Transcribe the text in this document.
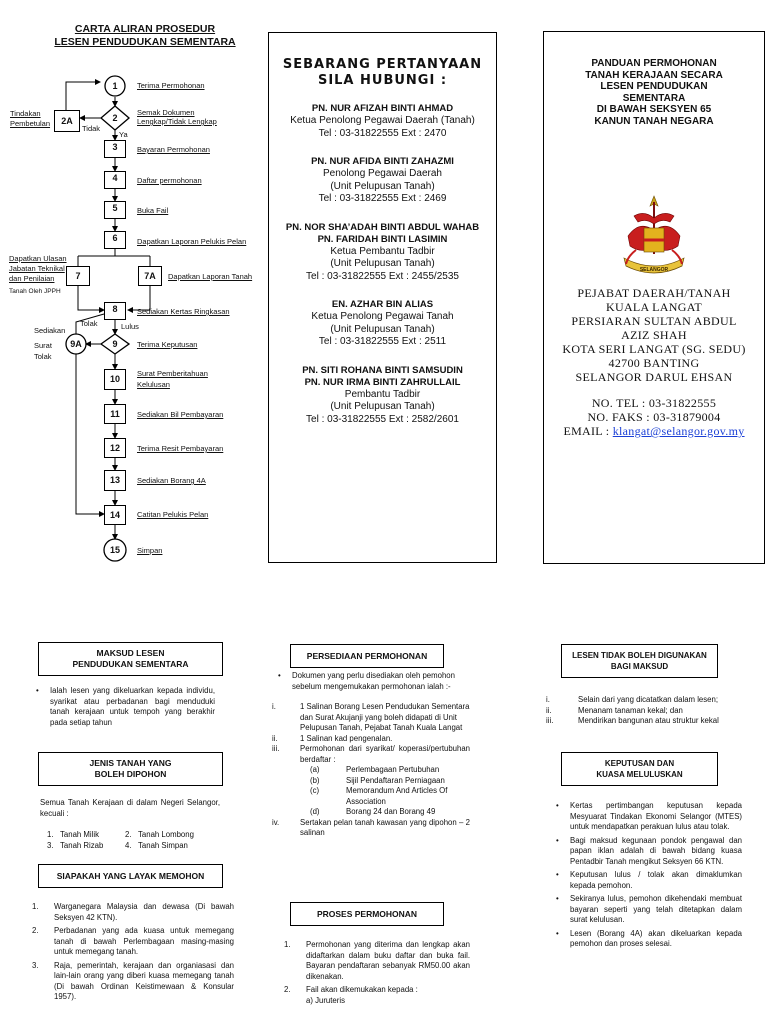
CARTA ALIRAN PROSEDUR
LESEN PENDUDUKAN SEMENTARA
1
2
2A
3
4
5
6
7	7A
8
9
9A
10
11
12
13
14
15
Terima Permohonan
Semak Dokumen Lengkap/Tidak Lengkap
Tindakan
Pembetulan
Tidak
Ya
Bayaran Permohonan
Daftar permohonan
Buka Fail
Dapatkan Laporan Pelukis Pelan
Dapatkan Ulasan
Jabatan Teknikal
dan Penilaian
Tanah Oleh JPPH
Dapatkan Laporan Tanah
Sediakan Kertas Ringkasan
Tolak	Lulus
Terima Keputusan
Sediakan
Surat
Tolak
Surat Pemberitahuan
Kelulusan
Sediakan Bil Pembayaran
Terima Resit Pembayaran
Sediakan Borang 4A
Catitan Pelukis Pelan
Simpan
SEBARANG PERTANYAAN
SILA HUBUNGI :
PN. NUR AFIZAH BINTI AHMAD
Ketua Penolong Pegawai Daerah (Tanah)
Tel : 03-31822555 Ext : 2470
PN. NUR AFIDA BINTI ZAHAZMI
Penolong Pegawai Daerah
(Unit Pelupusan Tanah)
Tel : 03-31822555 Ext : 2469
PN. NOR SHA’ADAH BINTI ABDUL WAHAB
PN. FARIDAH BINTI LASIMIN
Ketua Pembantu Tadbir
(Unit Pelupusan Tanah)
Tel : 03-31822555 Ext : 2455/2535
EN. AZHAR BIN ALIAS
Ketua Penolong Pegawai Tanah
(Unit Pelupusan Tanah)
Tel : 03-31822555 Ext : 2511
PN. SITI ROHANA BINTI SAMSUDIN
PN. NUR IRMA BINTI ZAHRULLAIL
Pembantu Tadbir
(Unit Pelupusan Tanah)
Tel : 03-31822555 Ext : 2582/2601
PANDUAN PERMOHONAN
TANAH KERAJAAN SECARA
LESEN PENDUDUKAN
SEMENTARA
DI BAWAH SEKSYEN 65
KANUN TANAH NEGARA
SELANGOR
PEJABAT DAERAH/TANAH
KUALA LANGAT
PERSIARAN SULTAN ABDUL
AZIZ SHAH
KOTA SERI LANGAT (SG. SEDU)
42700 BANTING
SELANGOR DARUL EHSAN
NO. TEL : 03-31822555
NO. FAKS : 03-31879004
EMAIL : klangat@selangor.gov.my
MAKSUD LESEN
PENDUDUKAN SEMENTARA
• Ialah lesen yang dikeluarkan kepada individu, syarikat atau perbadanan bagi menduduki tanah kerajaan untuk tempoh yang berakhir pada setiap tahun
JENIS TANAH YANG
BOLEH DIPOHON
Semua Tanah Kerajaan di dalam Negeri Selangor, kecuali :
1.   Tanah Milik	2.   Tanah Lombong
3.   Tanah Rizab	4.   Tanah Simpan
SIAPAKAH YANG LAYAK MEMOHON
1. Warganegara Malaysia dan dewasa (Di bawah Seksyen 42 KTN).
2. Perbadanan yang ada kuasa untuk memegang tanah di bawah Perlembagaan masing-masing untuk memegang tanah.
3. Raja, pemerintah, kerajaan dan organiasasi dan lain-lain orang yang diberi kuasa memegang tanah (Di bawah Ordinan Keistimewaan & Konsular 1957).
PERSEDIAAN PERMOHONAN
• Dokumen yang perlu disediakan oleh pemohon sebelum mengemukakan permohonan ialah :-
i.	1 Salinan Borang Lesen Pendudukan Sementara dan Surat Akujanji yang boleh didapati di Unit Pelupusan Tanah, Pejabat Tanah Kuala Langat
ii.	1 Salinan kad pengenalan.
iii.	Permohonan dari syarikat/ koperasi/pertubuhan berdaftar :
(a)	Perlembagaan Pertubuhan
(b)	Sijil Pendaftaran Perniagaan
(c)	Memorandum And Articles Of Association
(d)	Borang 24 dan Borang 49
iv.	Sertakan pelan tanah kawasan yang dipohon – 2 salinan
PROSES PERMOHONAN
1. Permohonan yang diterima dan lengkap akan didaftarkan dalam buku daftar dan buka fail. Bayaran pendaftaran sebanyak RM50.00 akan dikenakan.
2. Fail akan dikemukakan kepada :
a) Juruteris
LESEN TIDAK BOLEH DIGUNAKAN
BAGI MAKSUD
i.	Selain dari yang dicatatkan dalam lesen;
ii.	Menanam tanaman kekal; dan
iii.	Mendirikan bangunan atau struktur kekal
KEPUTUSAN DAN
KUASA MELULUSKAN
• Kertas pertimbangan keputusan kepada Mesyuarat Tindakan Ekonomi Selangor (MTES) untuk mendapatkan perakuan lulus atau tolak.
• Bagi maksud kegunaan pondok pengawal dan papan iklan adalah di bawah bidang kuasa Pentadbir Tanah mengikut Seksyen 66 KTN.
• Keputusan lulus / tolak akan dimaklumkan kepada pemohon.
• Sekiranya lulus, pemohon dikehendaki membuat bayaran seperti yang telah ditetapkan dalam surat kelulusan.
• Lesen (Borang 4A) akan dikeluarkan kepada pemohon dan proses selesai.
